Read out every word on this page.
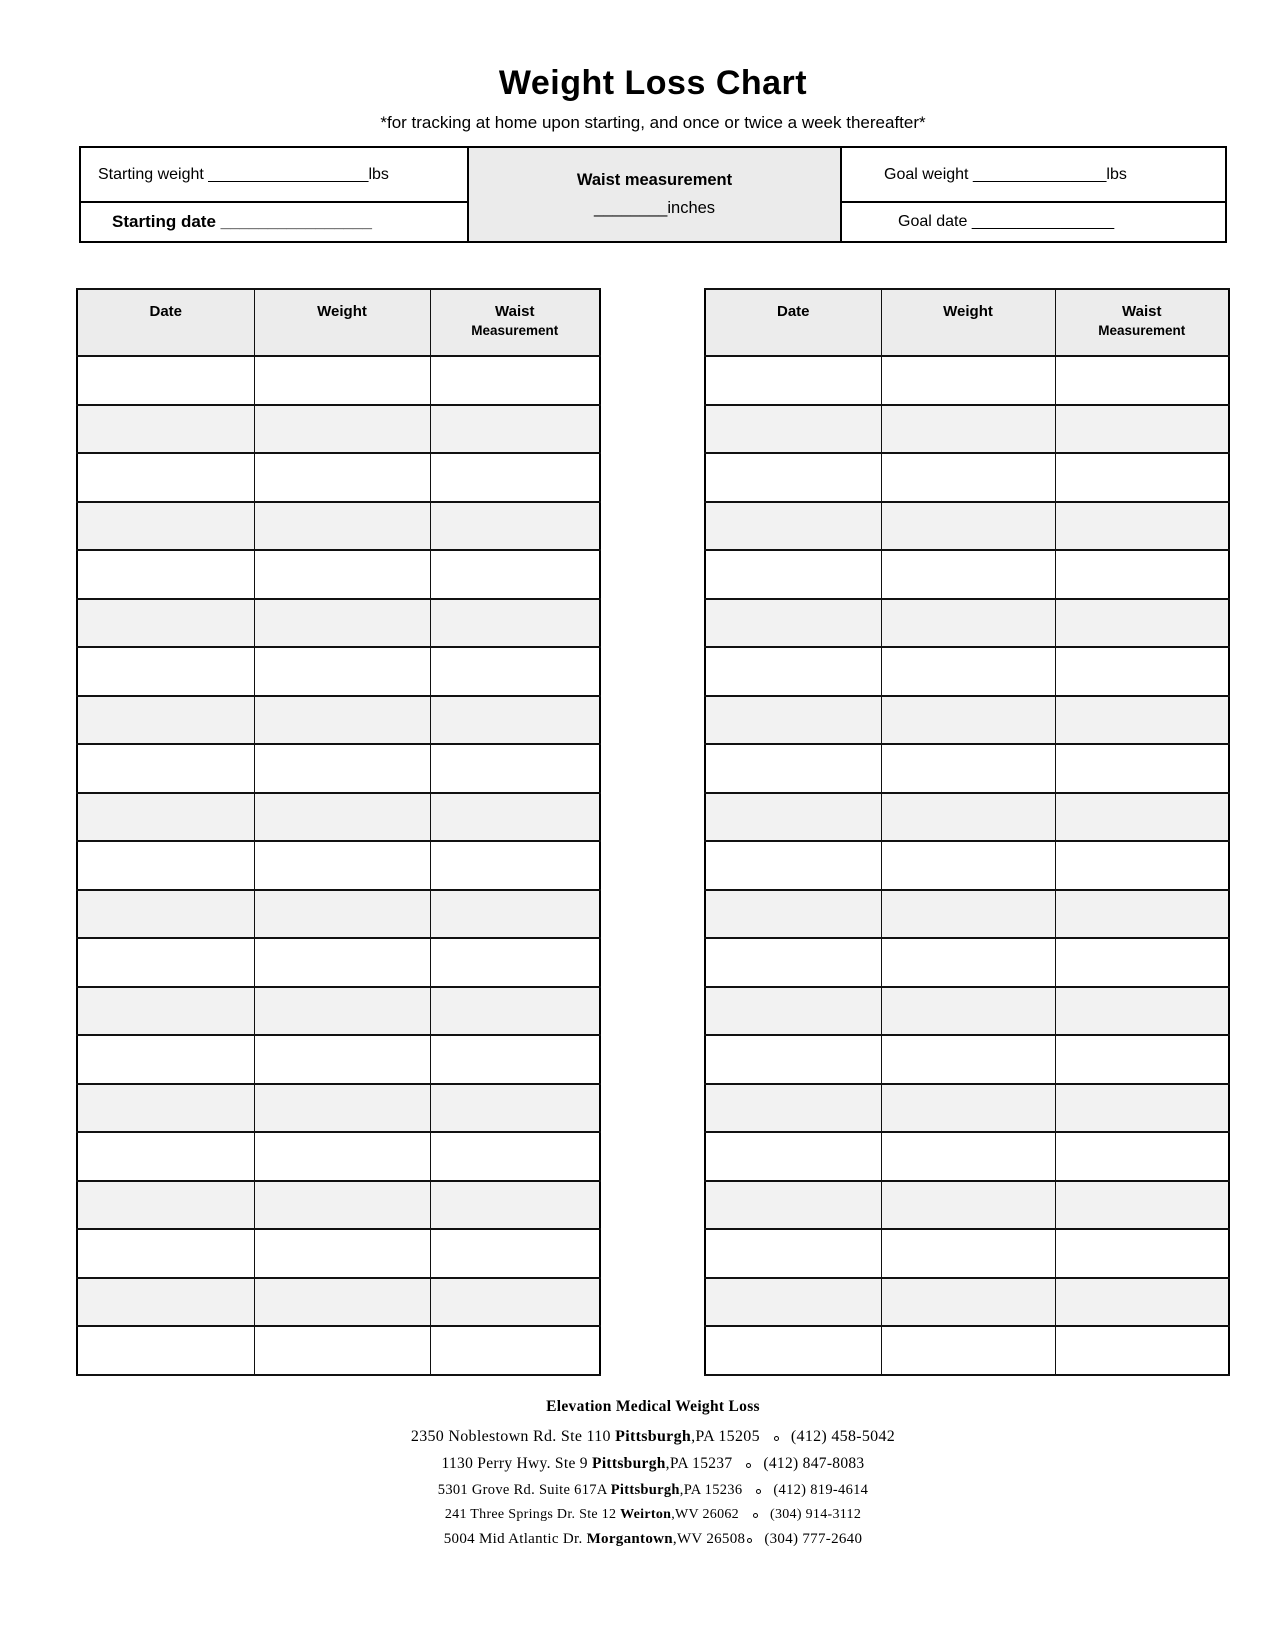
Weight Loss Chart
*for tracking at home upon starting, and once or twice a week thereafter*
Starting weight __________________lbs
Starting date ________________
Waist measurement
________inches
Goal weight _______________lbs
Goal date ________________
Date	Weight	Waist
Measurement

Date	Weight	Waist
Measurement

Elevation Medical Weight Loss
2350 Noblestown Rd. Ste 110 Pittsburgh,PA 15205 (412) 458-5042
1130 Perry Hwy. Ste 9 Pittsburgh,PA 15237 (412) 847-8083
5301 Grove Rd. Suite 617A Pittsburgh,PA 15236 (412) 819-4614
241 Three Springs Dr. Ste 12 Weirton,WV 26062 (304) 914-3112
5004 Mid Atlantic Dr. Morgantown,WV 26508 (304) 777-2640
